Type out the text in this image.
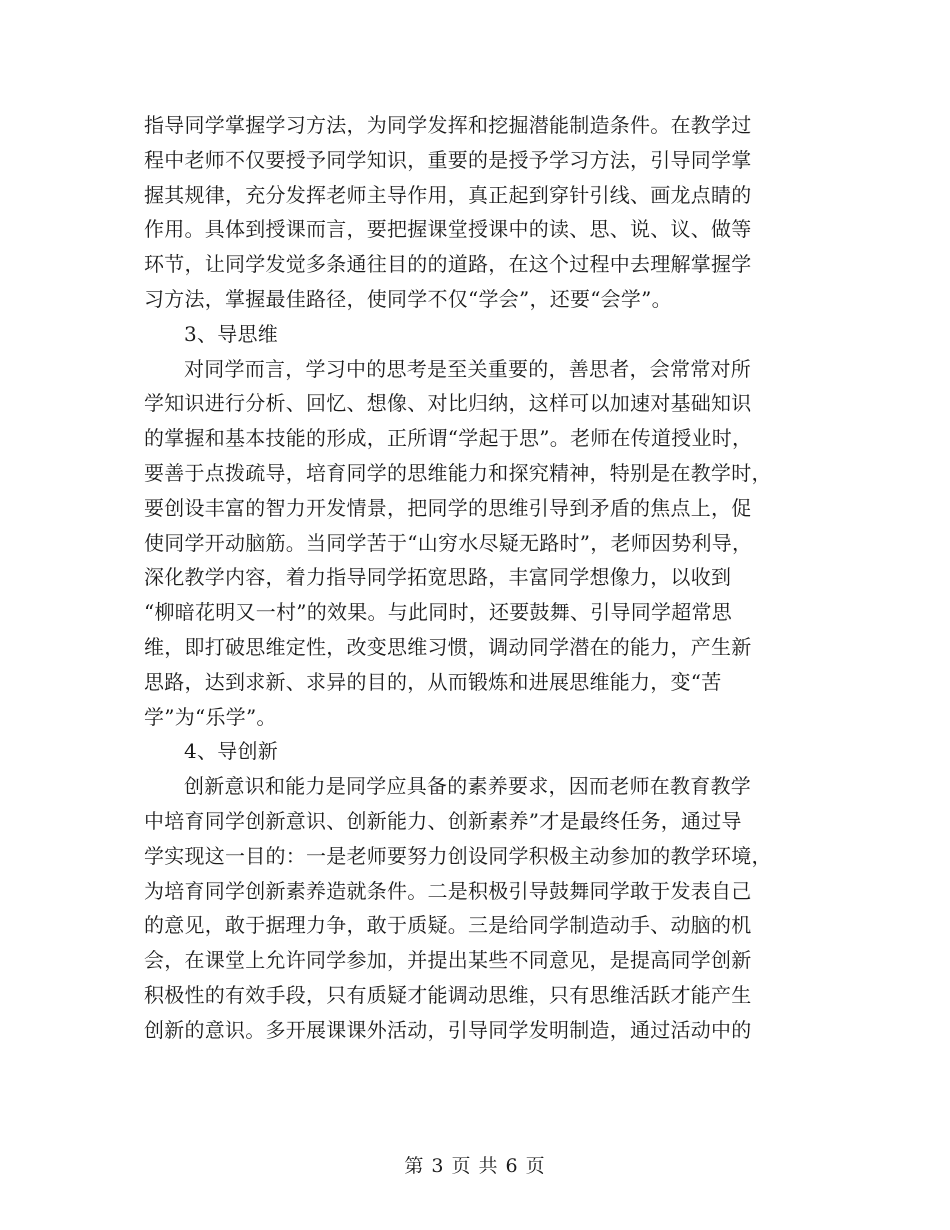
指导同学掌握学习方法，为同学发挥和挖掘潜能制造条件。在教学过
程中老师不仅要授予同学知识，重要的是授予学习方法，引导同学掌
握其规律，充分发挥老师主导作用，真正起到穿针引线、画龙点睛的
作用。具体到授课而言，要把握课堂授课中的读、思、说、议、做等
环节，让同学发觉多条通往目的的道路，在这个过程中去理解掌握学
习方法，掌握最佳路径，使同学不仅“学会”，还要“会学”。
3、导思维
对同学而言，学习中的思考是至关重要的，善思者，会常常对所
学知识进行分析、回忆、想像、对比归纳，这样可以加速对基础知识
的掌握和基本技能的形成，正所谓“学起于思”。老师在传道授业时，
要善于点拨疏导，培育同学的思维能力和探究精神，特别是在教学时，
要创设丰富的智力开发情景，把同学的思维引导到矛盾的焦点上，促
使同学开动脑筋。当同学苦于“山穷水尽疑无路时”，老师因势利导，
深化教学内容，着力指导同学拓宽思路，丰富同学想像力，以收到
“柳暗花明又一村”的效果。与此同时，还要鼓舞、引导同学超常思
维，即打破思维定性，改变思维习惯，调动同学潜在的能力，产生新
思路，达到求新、求异的目的，从而锻炼和进展思维能力，变“苦
学”为“乐学”。
4、导创新
创新意识和能力是同学应具备的素养要求，因而老师在教育教学
中培育同学创新意识、创新能力、创新素养”才是最终任务，通过导
学实现这一目的：一是老师要努力创设同学积极主动参加的教学环境，
为培育同学创新素养造就条件。二是积极引导鼓舞同学敢于发表自己
的意见，敢于据理力争，敢于质疑。三是给同学制造动手、动脑的机
会，在课堂上允许同学参加，并提出某些不同意见，是提高同学创新
积极性的有效手段，只有质疑才能调动思维，只有思维活跃才能产生
创新的意识。多开展课课外活动，引导同学发明制造，通过活动中的
第 3 页 共 6 页
